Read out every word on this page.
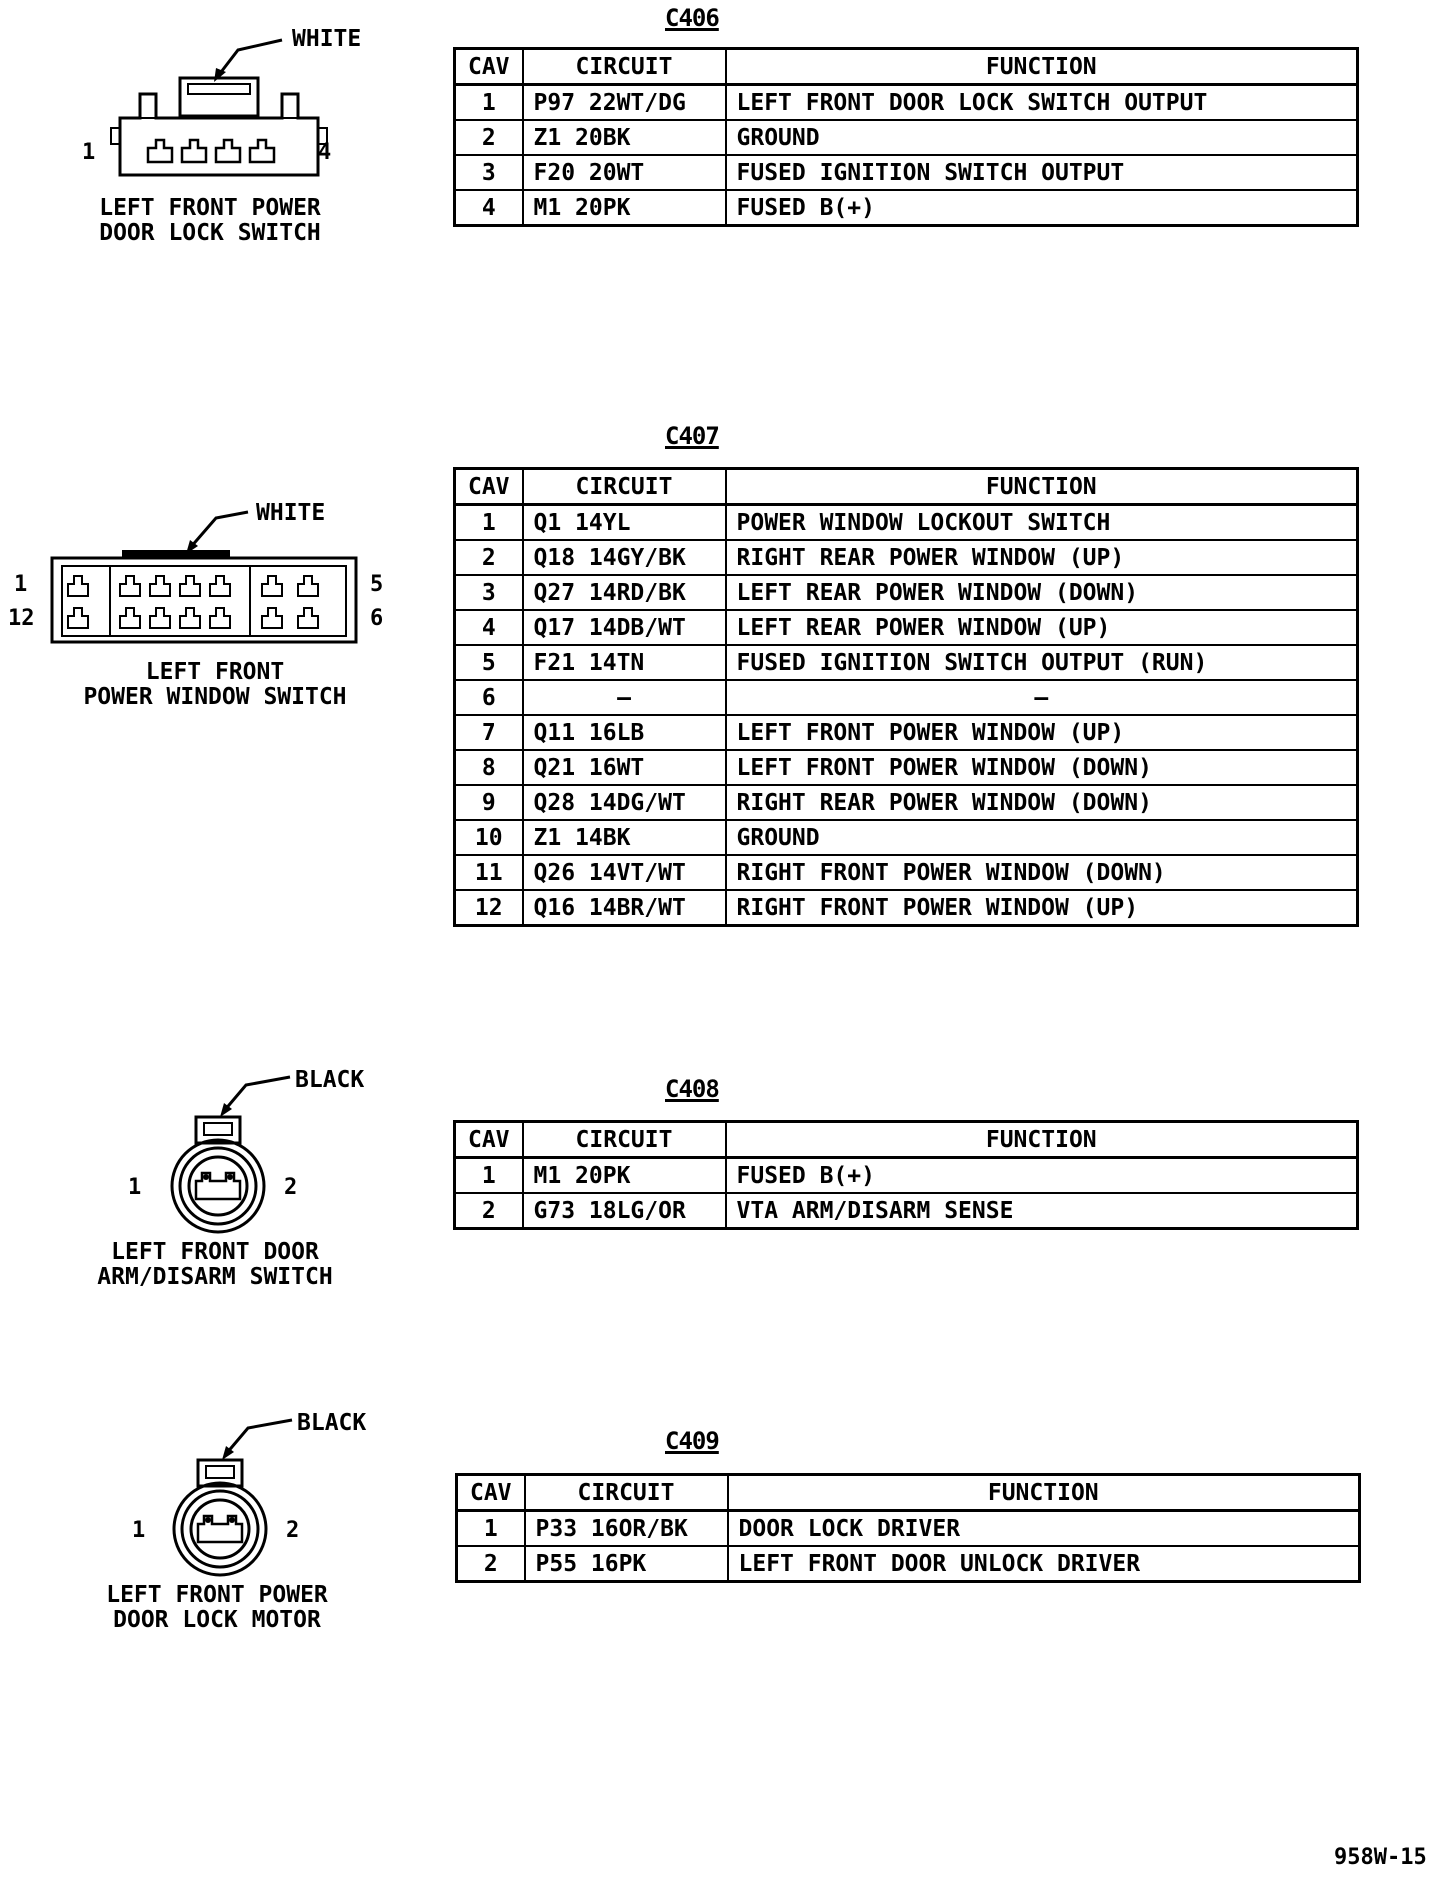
C406
CAV	CIRCUIT	FUNCTION
1	P97 22WT/DG	LEFT FRONT DOOR LOCK SWITCH OUTPUT
2	Z1 20BK	GROUND
3	F20 20WT	FUSED IGNITION SWITCH OUTPUT
4	M1 20PK	FUSED B(+)
WHITE
1	4
LEFT FRONT POWER
DOOR LOCK SWITCH
C407
CAV	CIRCUIT	FUNCTION
1	Q1 14YL	POWER WINDOW LOCKOUT SWITCH
2	Q18 14GY/BK	RIGHT REAR POWER WINDOW (UP)
3	Q27 14RD/BK	LEFT REAR POWER WINDOW (DOWN)
4	Q17 14DB/WT	LEFT REAR POWER WINDOW (UP)
5	F21 14TN	FUSED IGNITION SWITCH OUTPUT (RUN)
6	–	–
7	Q11 16LB	LEFT FRONT POWER WINDOW (UP)
8	Q21 16WT	LEFT FRONT POWER WINDOW (DOWN)
9	Q28 14DG/WT	RIGHT REAR POWER WINDOW (DOWN)
10	Z1 14BK	GROUND
11	Q26 14VT/WT	RIGHT FRONT POWER WINDOW (DOWN)
12	Q16 14BR/WT	RIGHT FRONT POWER WINDOW (UP)
WHITE
1
12
5
6
LEFT FRONT
POWER WINDOW SWITCH
C408
CAV	CIRCUIT	FUNCTION
1	M1 20PK	FUSED B(+)
2	G73 18LG/OR	VTA ARM/DISARM SENSE
BLACK
1	2
LEFT FRONT DOOR
ARM/DISARM SWITCH
C409
CAV	CIRCUIT	FUNCTION
1	P33 16OR/BK	DOOR LOCK DRIVER
2	P55 16PK	LEFT FRONT DOOR UNLOCK DRIVER
BLACK
1	2
LEFT FRONT POWER
DOOR LOCK MOTOR
958W-15
